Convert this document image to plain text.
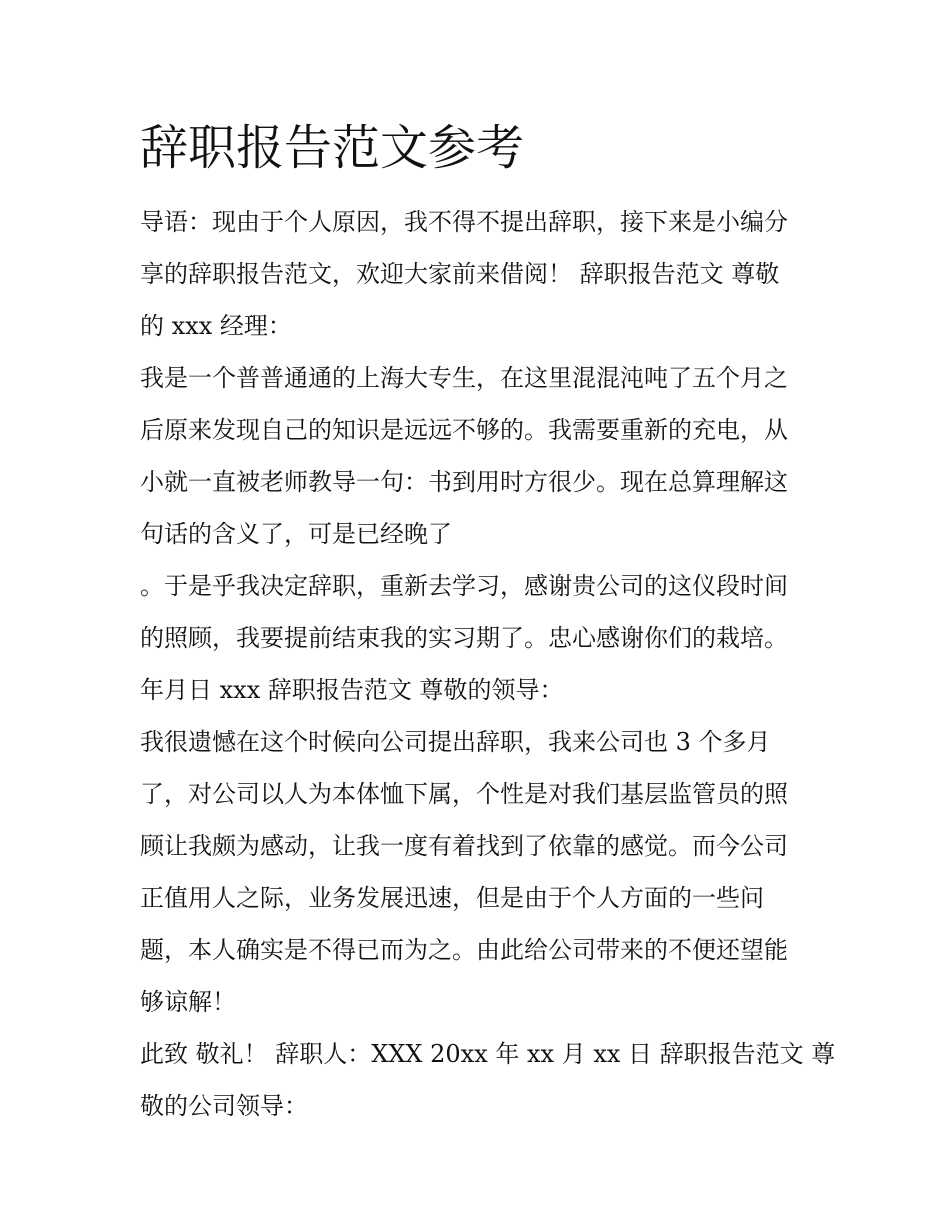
辞职报告范文参考

导语：现由于个人原因，我不得不提出辞职，接下来是小编分

享的辞职报告范文，欢迎大家前来借阅！ 辞职报告范文 尊敬

的 xxx 经理：

我是一个普普通通的上海大专生，在这里混混沌吨了五个月之

后原来发现自己的知识是远远不够的。我需要重新的充电，从

小就一直被老师教导一句：书到用时方很少。现在总算理解这

句话的含义了，可是已经晚了

。于是乎我决定辞职，重新去学习，感谢贵公司的这仪段时间

的照顾，我要提前结束我的实习期了。忠心感谢你们的栽培。

年月日 xxx 辞职报告范文 尊敬的领导：

我很遗憾在这个时候向公司提出辞职，我来公司也 3 个多月

了，对公司以人为本体恤下属，个性是对我们基层监管员的照

顾让我颇为感动，让我一度有着找到了依靠的感觉。而今公司

正值用人之际，业务发展迅速，但是由于个人方面的一些问

题，本人确实是不得已而为之。由此给公司带来的不便还望能

够谅解！

此致 敬礼！ 辞职人：XXX 20xx 年 xx 月 xx 日 辞职报告范文 尊

敬的公司领导：
